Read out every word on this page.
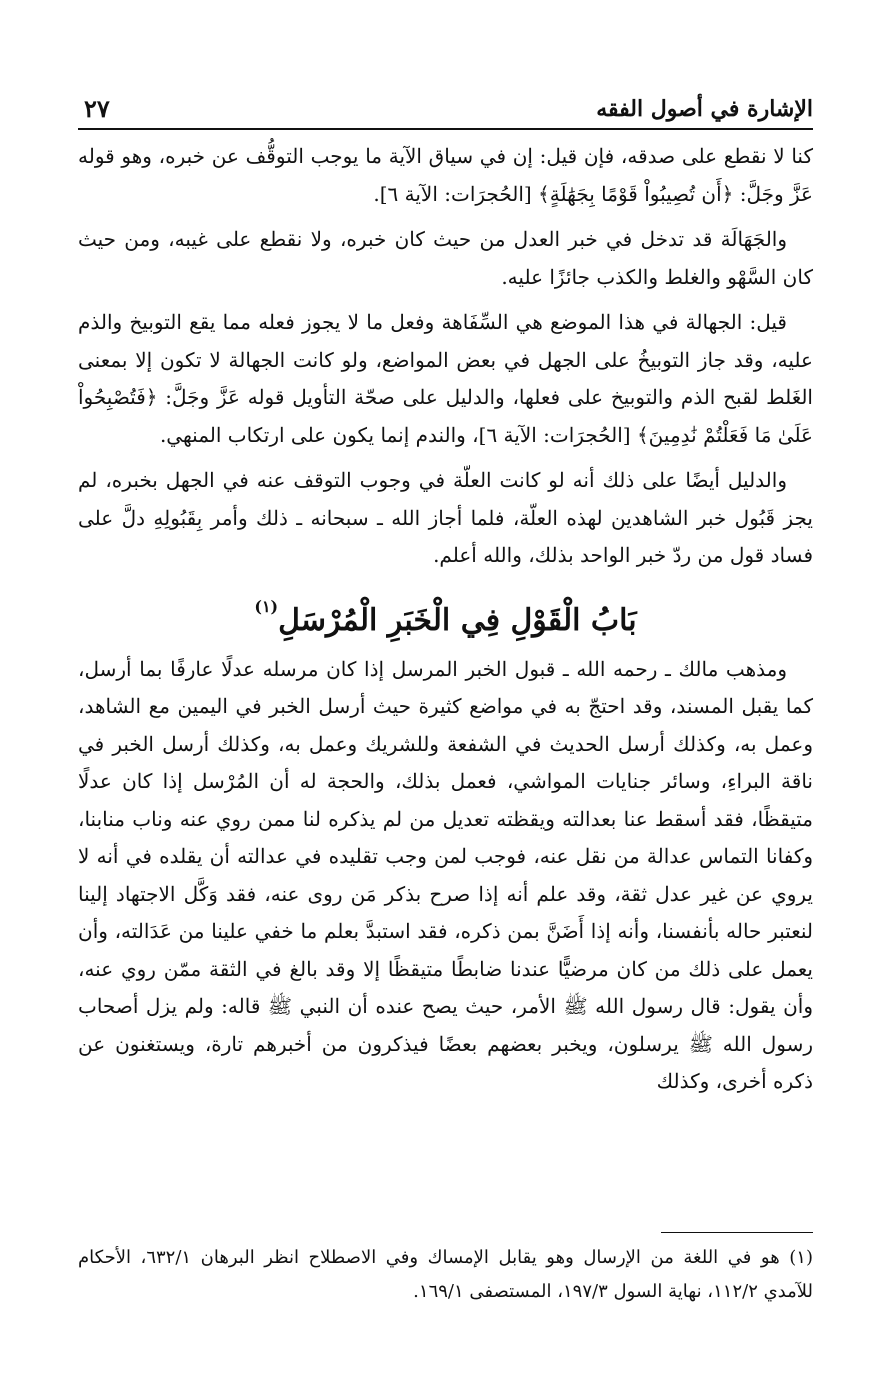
الإشارة في أصول الفقه
٢٧

كنا لا نقطع على صدقه، فإن قيل: إن في سياق الآية ما يوجب التوقُّف عن خبره، وهو قوله عَزَّ وجَلَّ: ﴿أَن تُصِيبُواْ قَوْمًا بِجَهَٰلَةٍ﴾ [الحُجرَات: الآية ٦].

والجَهَالَة قد تدخل في خبر العدل من حيث كان خبره، ولا نقطع على غيبه، ومن حيث كان السَّهْو والغلط والكذب جائزًا عليه.

قيل: الجهالة في هذا الموضع هي السِّفَاهة وفعل ما لا يجوز فعله مما يقع التوبيخ والذم عليه، وقد جاز التوبيخُ على الجهل في بعض المواضع، ولو كانت الجهالة لا تكون إلا بمعنى الغَلط لقبح الذم والتوبيخ على فعلها، والدليل على صحّة التأويل قوله عَزَّ وجَلَّ: ﴿فَتُصْبِحُواْ عَلَىٰ مَا فَعَلْتُمْ نَٰدِمِينَ﴾ [الحُجرَات: الآية ٦]، والندم إنما يكون على ارتكاب المنهي.

والدليل أيضًا على ذلك أنه لو كانت العلّة في وجوب التوقف عنه في الجهل بخبره، لم يجز قَبُول خبر الشاهدين لهذه العلّة، فلما أجاز الله ـ سبحانه ـ ذلك وأمر بِقَبُولِهِ دلَّ على فساد قول من ردّ خبر الواحد بذلك، والله أعلم.

بَابُ الْقَوْلِ فِي الْخَبَرِ الْمُرْسَلِ$^{(١)}$

ومذهب مالك ـ رحمه الله ـ قبول الخبر المرسل إذا كان مرسله عدلًا عارفًا بما أرسل، كما يقبل المسند، وقد احتجّ به في مواضع كثيرة حيث أرسل الخبر في اليمين مع الشاهد، وعمل به، وكذلك أرسل الحديث في الشفعة وللشريك وعمل به، وكذلك أرسل الخبر في ناقة البراءِ، وسائر جنايات المواشي، فعمل بذلك، والحجة له أن المُرْسل إذا كان عدلًا متيقظًا، فقد أسقط عنا بعدالته ويقظته تعديل من لم يذكره لنا ممن روي عنه وناب منابنا، وكفانا التماس عدالة من نقل عنه، فوجب لمن وجب تقليده في عدالته أن يقلده في أنه لا يروي عن غير عدل ثقة، وقد علم أنه إذا صرح بذكر مَن روى عنه، فقد وَكَّل الاجتهاد إلينا لنعتبر حاله بأنفسنا، وأنه إذا أَضَنَّ بمن ذكره، فقد استبدَّ بعلم ما خفي علينا من عَدَالته، وأن يعمل على ذلك من كان مرضيًّا عندنا ضابطًا متيقظًا إلا وقد بالغ في الثقة ممّن روي عنه، وأن يقول: قال رسول الله ﷺ الأمر، حيث يصح عنده أن النبي ﷺ قاله: ولم يزل أصحاب رسول الله ﷺ يرسلون، ويخبر بعضهم بعضًا فيذكرون من أخبرهم تارة، ويستغنون عن ذكره أخرى، وكذلك

(١) هو في اللغة من الإرسال وهو يقابل الإمساك وفي الاصطلاح انظر البرهان ٦٣٢/١، الأحكام للآمدي ١١٢/٢، نهاية السول ١٩٧/٣، المستصفى ١٦٩/١.
